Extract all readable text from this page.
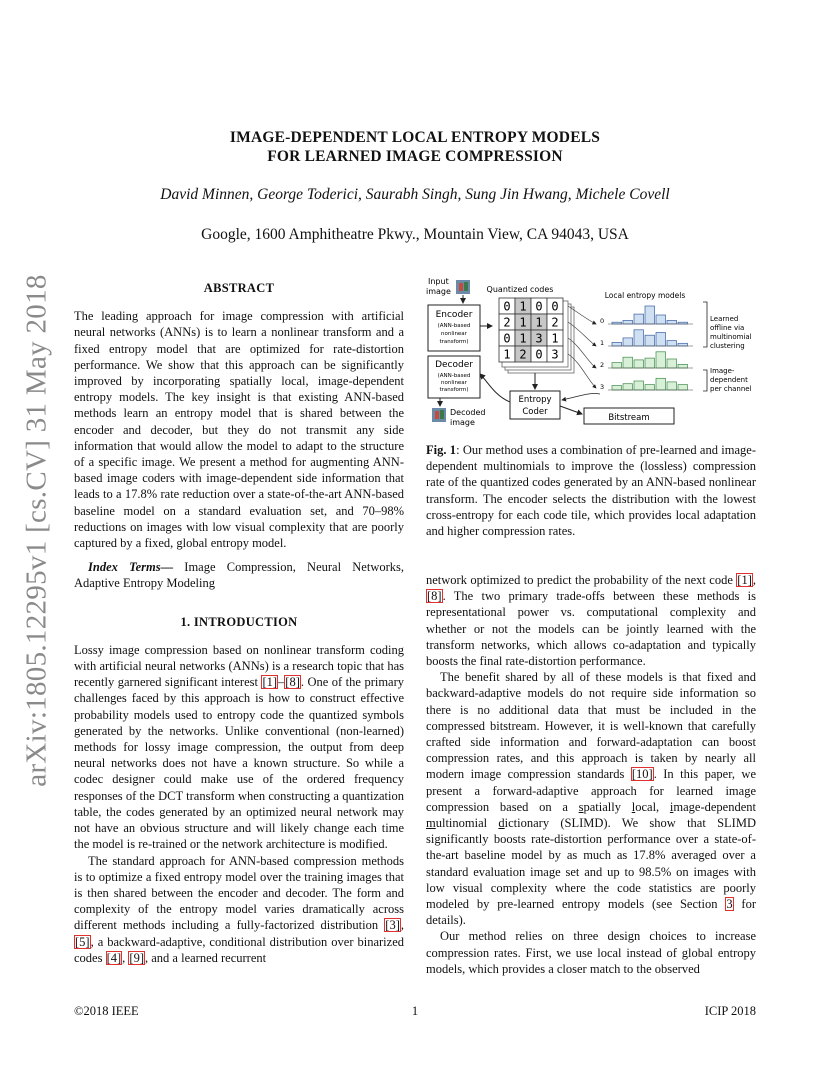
arXiv:1805.12295v1 [cs.CV] 31 May 2018
IMAGE-DEPENDENT LOCAL ENTROPY MODELS
FOR LEARNED IMAGE COMPRESSION
David Minnen, George Toderici, Saurabh Singh, Sung Jin Hwang, Michele Covell
Google, 1600 Amphitheatre Pkwy., Mountain View, CA 94043, USA
ABSTRACT

The leading approach for image compression with artificial neural networks (ANNs) is to learn a nonlinear transform and a fixed entropy model that are optimized for rate-distortion performance. We show that this approach can be significantly improved by incorporating spatially local, image-dependent entropy models. The key insight is that existing ANN-based methods learn an entropy model that is shared between the encoder and decoder, but they do not transmit any side information that would allow the model to adapt to the structure of a specific image. We present a method for augmenting ANN-based image coders with image-dependent side information that leads to a 17.8% rate reduction over a state-of-the-art ANN-based baseline model on a standard evaluation set, and 70–98% reductions on images with low visual complexity that are poorly captured by a fixed, global entropy model.

Index Terms— Image Compression, Neural Networks, Adaptive Entropy Modeling

1. INTRODUCTION

Lossy image compression based on nonlinear transform coding with artificial neural networks (ANNs) is a research topic that has recently garnered significant interest [1]–[8]. One of the primary challenges faced by this approach is how to construct effective probability models used to entropy code the quantized symbols generated by the networks. Unlike conventional (non-learned) methods for lossy image compression, the output from deep neural networks does not have a known structure. So while a codec designer could make use of the ordered frequency responses of the DCT transform when constructing a quantization table, the codes generated by an optimized neural network may not have an obvious structure and will likely change each time the model is re-trained or the network architecture is modified.

The standard approach for ANN-based compression methods is to optimize a fixed entropy model over the training images that is then shared between the encoder and decoder. The form and complexity of the entropy model varies dramatically across different methods including a fully-factorized distribution [3], [5], a backward-adaptive, conditional distribution over binarized codes [4], [9], and a learned recurrent

Input
image
Encoder
(ANN-based
nonlinear
transform)
Quantized codes
0 1 0 0
2 1 1 2
0 1 3 1
1 2 0 3
Local entropy models
0
1
2
3
Learned
offline via
multinomial
clustering
Image-
dependent
per channel
Decoder
(ANN-based
nonlinear
transform)
Decoded
image
Entropy
Coder
Bitstream
Fig. 1: Our method uses a combination of pre-learned and image-dependent multinomials to improve the (lossless) compression rate of the quantized codes generated by an ANN-based nonlinear transform. The encoder selects the distribution with the lowest cross-entropy for each code tile, which provides local adaptation and higher compression rates.

network optimized to predict the probability of the next code [1], [8]. The two primary trade-offs between these methods is representational power vs. computational complexity and whether or not the models can be jointly learned with the transform networks, which allows co-adaptation and typically boosts the final rate-distortion performance.

The benefit shared by all of these models is that fixed and backward-adaptive models do not require side information so there is no additional data that must be included in the compressed bitstream. However, it is well-known that carefully crafted side information and forward-adaptation can boost compression rates, and this approach is taken by nearly all modern image compression standards [10]. In this paper, we present a forward-adaptive approach for learned image compression based on a spatially local, image-dependent multinomial dictionary (SLIMD). We show that SLIMD significantly boosts rate-distortion performance over a state-of-the-art baseline model by as much as 17.8% averaged over a standard evaluation image set and up to 98.5% on images with low visual complexity where the code statistics are poorly modeled by pre-learned entropy models (see Section 3 for details).

Our method relies on three design choices to increase compression rates. First, we use local instead of global entropy models, which provides a closer match to the observed

©2018 IEEE	1	ICIP 2018
